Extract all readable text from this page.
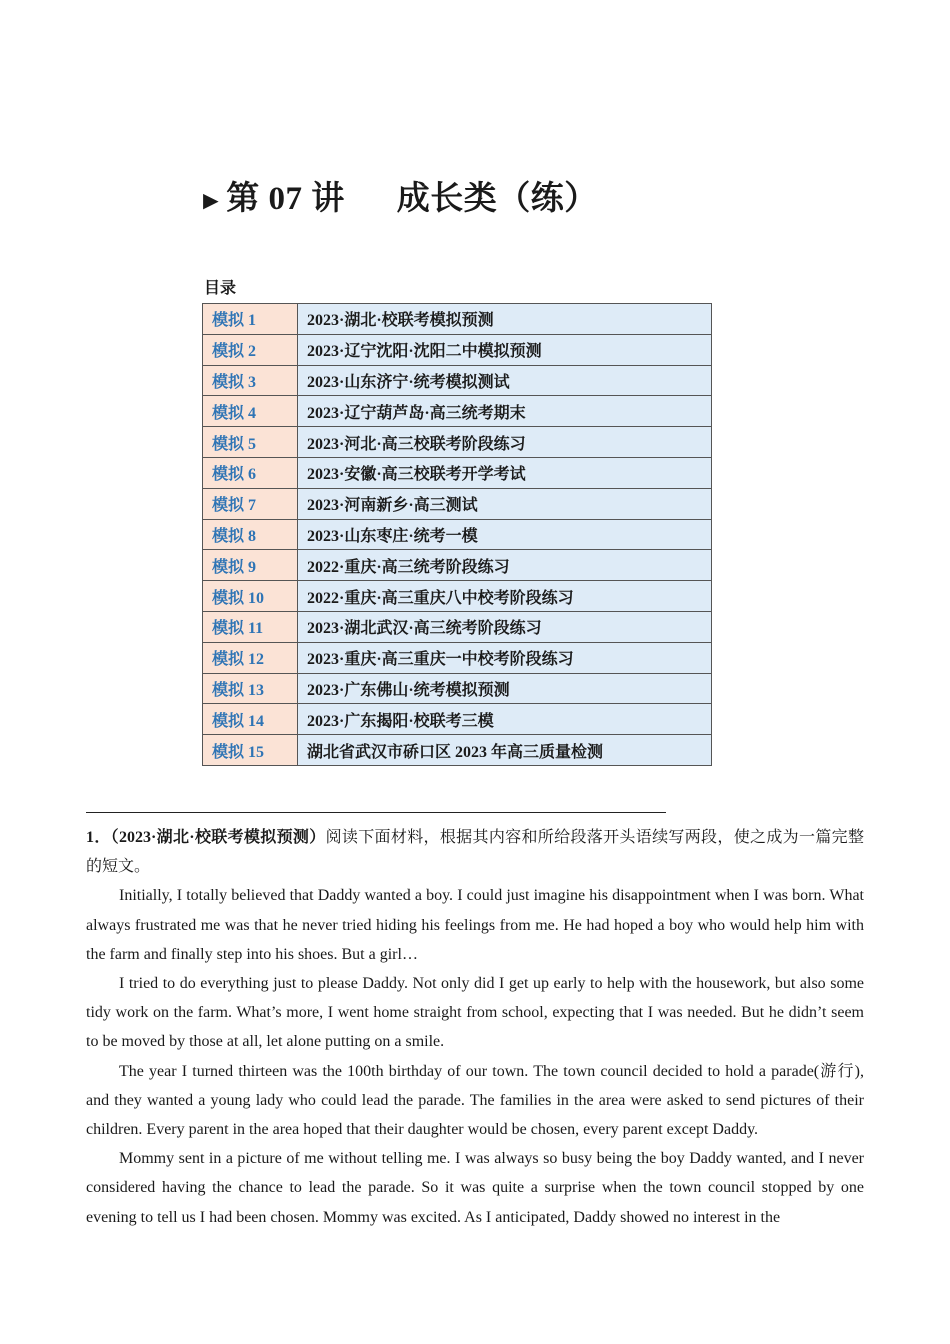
►第 07 讲 成长类（练）
目录
模拟 1	2023·湖北·校联考模拟预测
模拟 2	2023·辽宁沈阳·沈阳二中模拟预测
模拟 3	2023·山东济宁·统考模拟测试
模拟 4	2023·辽宁葫芦岛·高三统考期末
模拟 5	2023·河北·高三校联考阶段练习
模拟 6	2023·安徽·高三校联考开学考试
模拟 7	2023·河南新乡·高三测试
模拟 8	2023·山东枣庄·统考一模
模拟 9	2022·重庆·高三统考阶段练习
模拟 10	2022·重庆·高三重庆八中校考阶段练习
模拟 11	2023·湖北武汉·高三统考阶段练习
模拟 12	2023·重庆·高三重庆一中校考阶段练习
模拟 13	2023·广东佛山·统考模拟预测
模拟 14	2023·广东揭阳·校联考三模
模拟 15	湖北省武汉市硚口区 2023 年高三质量检测

1．（2023·湖北·校联考模拟预测）阅读下面材料，根据其内容和所给段落开头语续写两段，使之成为一篇完整的短文。

Initially, I totally believed that Daddy wanted a boy. I could just imagine his disappointment when I was born. What always frustrated me was that he never tried hiding his feelings from me. He had hoped a boy who would help him with the farm and finally step into his shoes. But a girl…

I tried to do everything just to please Daddy. Not only did I get up early to help with the housework, but also some tidy work on the farm. What’s more, I went home straight from school, expecting that I was needed. But he didn’t seem to be moved by those at all, let alone putting on a smile.

The year I turned thirteen was the 100th birthday of our town. The town council decided to hold a parade(游行), and they wanted a young lady who could lead the parade. The families in the area were asked to send pictures of their children. Every parent in the area hoped that their daughter would be chosen, every parent except Daddy.

Mommy sent in a picture of me without telling me. I was always so busy being the boy Daddy wanted, and I never considered having the chance to lead the parade. So it was quite a surprise when the town council stopped by one evening to tell us I had been chosen. Mommy was excited. As I anticipated, Daddy showed no interest in the
